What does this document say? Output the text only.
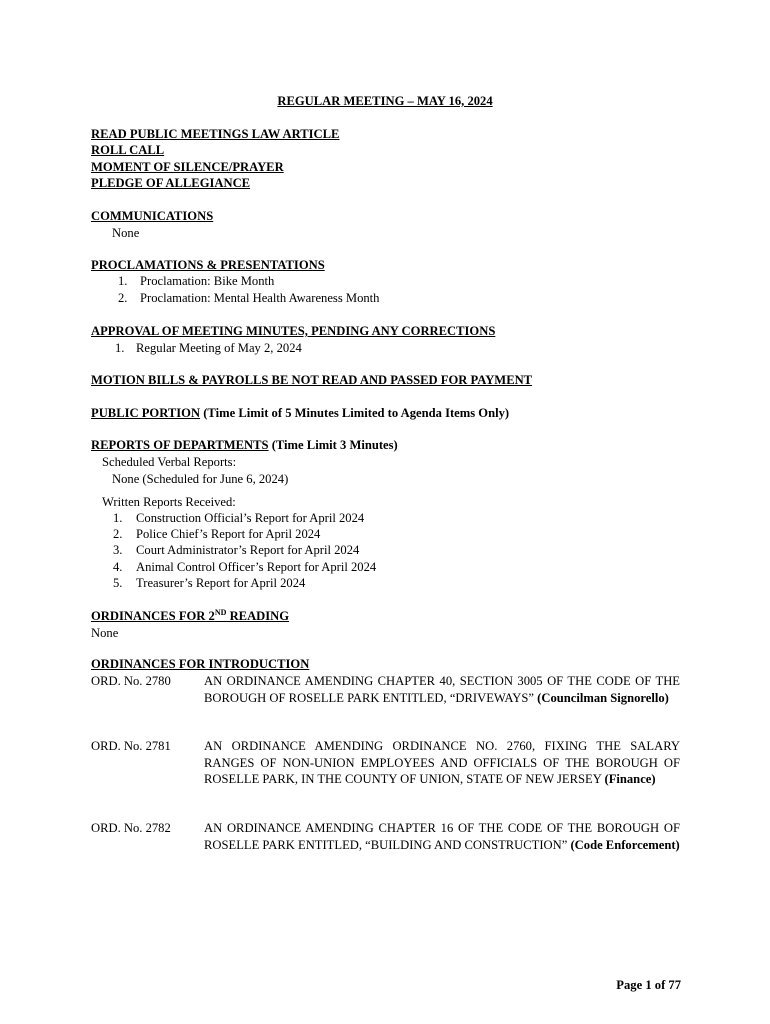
REGULAR MEETING – MAY 16, 2024
READ PUBLIC MEETINGS LAW ARTICLE
ROLL CALL
MOMENT OF SILENCE/PRAYER
PLEDGE OF ALLEGIANCE
COMMUNICATIONS
None
PROCLAMATIONS & PRESENTATIONS
1. Proclamation: Bike Month
2. Proclamation: Mental Health Awareness Month
APPROVAL OF MEETING MINUTES, PENDING ANY CORRECTIONS
1. Regular Meeting of May 2, 2024
MOTION BILLS & PAYROLLS BE NOT READ AND PASSED FOR PAYMENT
PUBLIC PORTION (Time Limit of 5 Minutes Limited to Agenda Items Only)
REPORTS OF DEPARTMENTS (Time Limit 3 Minutes)
Scheduled Verbal Reports:
None (Scheduled for June 6, 2024)
Written Reports Received:
1. Construction Official’s Report for April 2024
2. Police Chief’s Report for April 2024
3. Court Administrator’s Report for April 2024
4. Animal Control Officer’s Report for April 2024
5. Treasurer’s Report for April 2024
ORDINANCES FOR 2ND READING
None
ORDINANCES FOR INTRODUCTION
ORD. No. 2780	AN ORDINANCE AMENDING CHAPTER 40, SECTION 3005 OF THE CODE OF THE BOROUGH OF ROSELLE PARK ENTITLED, “DRIVEWAYS” (Councilman Signorello)
ORD. No. 2781	AN ORDINANCE AMENDING ORDINANCE NO. 2760, FIXING THE SALARY RANGES OF NON-UNION EMPLOYEES AND OFFICIALS OF THE BOROUGH OF ROSELLE PARK, IN THE COUNTY OF UNION, STATE OF NEW JERSEY (Finance)
ORD. No. 2782	AN ORDINANCE AMENDING CHAPTER 16 OF THE CODE OF THE BOROUGH OF ROSELLE PARK ENTITLED, “BUILDING AND CONSTRUCTION” (Code Enforcement)
Page 1 of 77
